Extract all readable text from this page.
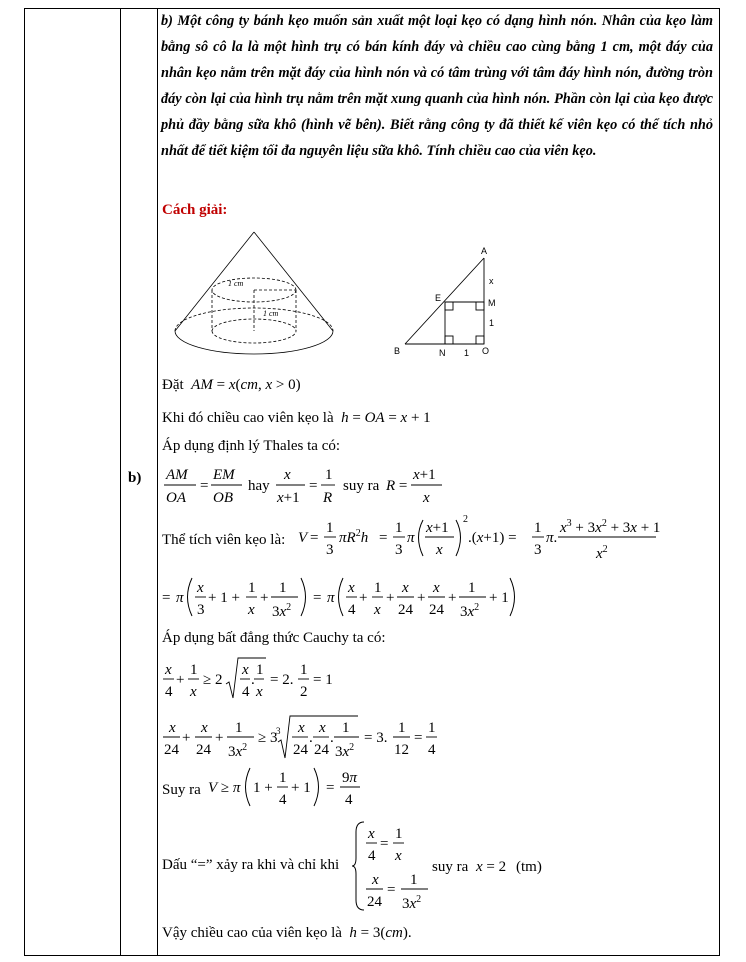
b)
b) Một công ty bánh kẹo muốn sản xuất một loại kẹo có dạng hình nón. Nhân của kẹo làm bằng sô cô la là một hình trụ có bán kính đáy và chiều cao cùng bằng 1 cm, một đáy của nhân kẹo nằm trên mặt đáy của hình nón và có tâm trùng với tâm đáy hình nón, đường tròn đáy còn lại của hình trụ nằm trên mặt xung quanh của hình nón. Phần còn lại của kẹo được phủ đầy bằng sữa khô (hình vẽ bên). Biết rằng công ty đã thiết kế viên kẹo có thể tích nhỏ nhất để tiết kiệm tối đa nguyên liệu sữa khô. Tính chiều cao của viên kẹo.
Cách giải:
1 cm
1 cm
A
x
E	M
1
B	N 1 O
Đặt  AM = x(cm, x > 0)
Khi đó chiều cao viên kẹo là  h = OA = x + 1
Áp dụng định lý Thales ta có:
AM
OA
=
EM
OB
hay
x
x+1
=
1
R
suy ra R =
x+1
x
Thể tích viên kẹo là: V =
1
3
$\pi R^2h$ =
1
3
π
x+1
x
2
.(x+1) =
1
3
π.
$x^3 + 3x^2 + 3x + 1$
$x^2$
= π
x
3
+ 1 +
1
x
+
1
$3x^2$
= π
x
4
+
1
x
+
x
24
+
x
24
+
1
$3x^2$
+ 1
Áp dụng bất đẳng thức Cauchy ta có:
x
4
+
1
x
≥ 2
x
4
.
1
x
= 2.
1
2
= 1
x
24
+
x
24
+
1
$3x^2$
≥ 3
3 x
24
.
x
24
.
1
$3x^2$
= 3.
1
12
=
1
4
Suy ra V ≥ π 1 +
1
4
+ 1 =
9π
4
Dấu “=” xảy ra khi và chỉ khi
x
4
=
1
x
x
24
=
1
$3x^2$
suy ra x = 2 (tm)
Vậy chiều cao của viên kẹo là  h = 3(cm).
